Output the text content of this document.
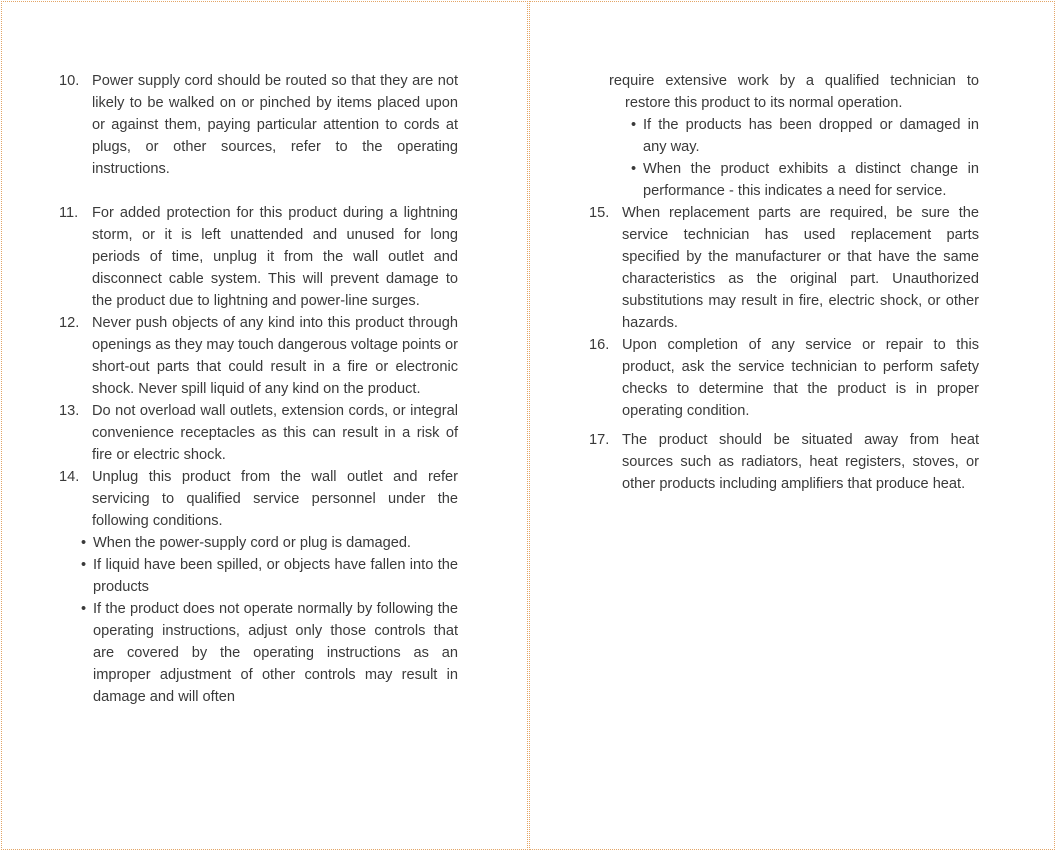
10. Power supply cord should be routed so that they are not likely to be walked on or pinched by items placed upon or against them, paying particular attention to cords at plugs, or other sources, refer to the operating instructions.

11. For added protection for this product during a lightning storm, or it is left unattended and unused for long periods of time, unplug it from the wall outlet and disconnect cable system. This will prevent damage to the product due to lightning and power-line surges.

12. Never push objects of any kind into this product through openings as they may touch dangerous voltage points or short-out parts that could result in a fire or electronic shock. Never spill liquid of any kind on the product.

13. Do not overload wall outlets, extension cords, or integral convenience receptacles as this can result in a risk of fire or electric shock.

14. Unplug this product from the wall outlet and refer servicing to qualified service personnel under the following conditions.

• When the power-supply cord or plug is damaged.
• If liquid have been spilled, or objects have fallen into the products
• If the product does not operate normally by following the operating instructions, adjust only those controls that are covered by the operating instructions as an improper adjustment of other controls may result in damage and will often

require extensive work by a qualified technician to restore this product to its normal operation.

• If the products has been dropped or damaged in any way.
• When the product exhibits a distinct change in performance - this indicates a need for service.
15. When replacement parts are required, be sure the service technician has used replacement parts specified by the manufacturer or that have the same characteristics as the original part. Unauthorized substitutions may result in fire, electric shock, or other hazards.

16. Upon completion of any service or repair to this product, ask the service technician to perform safety checks to determine that the product is in proper operating condition.

17. The product should be situated away from heat sources such as radiators, heat registers, stoves, or other products including amplifiers that produce heat.
